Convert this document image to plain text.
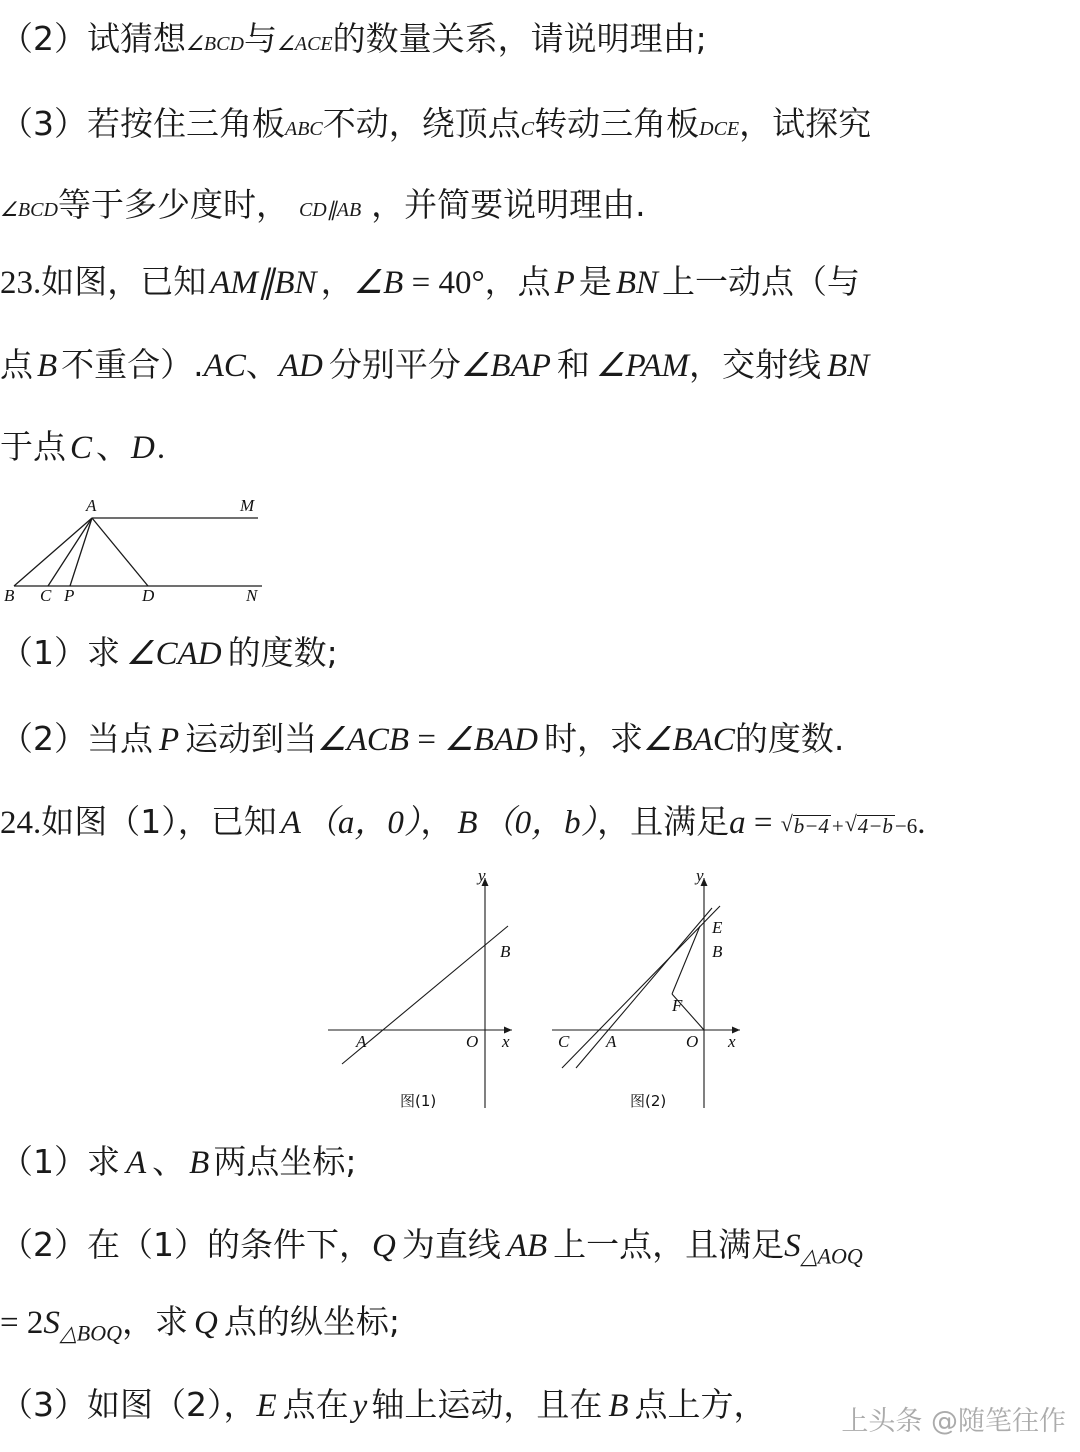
（2）试猜想∠BCD与∠ACE的数量关系，请说明理由;
（3）若按住三角板ABC不动，绕顶点C转动三角板DCE，试探究
∠BCD等于多少度时， CD∥AB ，并简要说明理由.
23.如图，已知 AM∥BN ，∠B = 40°，点 P 是 BN 上一动点（与
点 B 不重合）.AC、AD 分别平分∠BAP 和 ∠PAM，交射线 BN
于点 C 、D.
A	M
B C P	D	N
（1）求 ∠CAD 的度数;
（2）当点 P 运动到当∠ACB = ∠BAD 时，求∠BAC的度数.
24.如图（1），已知 A （a，0）， B （0，b），且满足a = √ b−4 + √ 4−b−6.
y
B
A	O x
图(1)
y
E
B
F
C A	O x
图(2)
（1）求 A 、 B 两点坐标;
（2）在（1）的条件下，Q 为直线 AB 上一点，且满足$S_{\triangle AOQ}$
= $2S_{\triangle BOQ}$，求 Q 点的纵坐标;
（3）如图（2），E 点在 y 轴上运动，且在 B 点上方，	上头条 @随笔往作
